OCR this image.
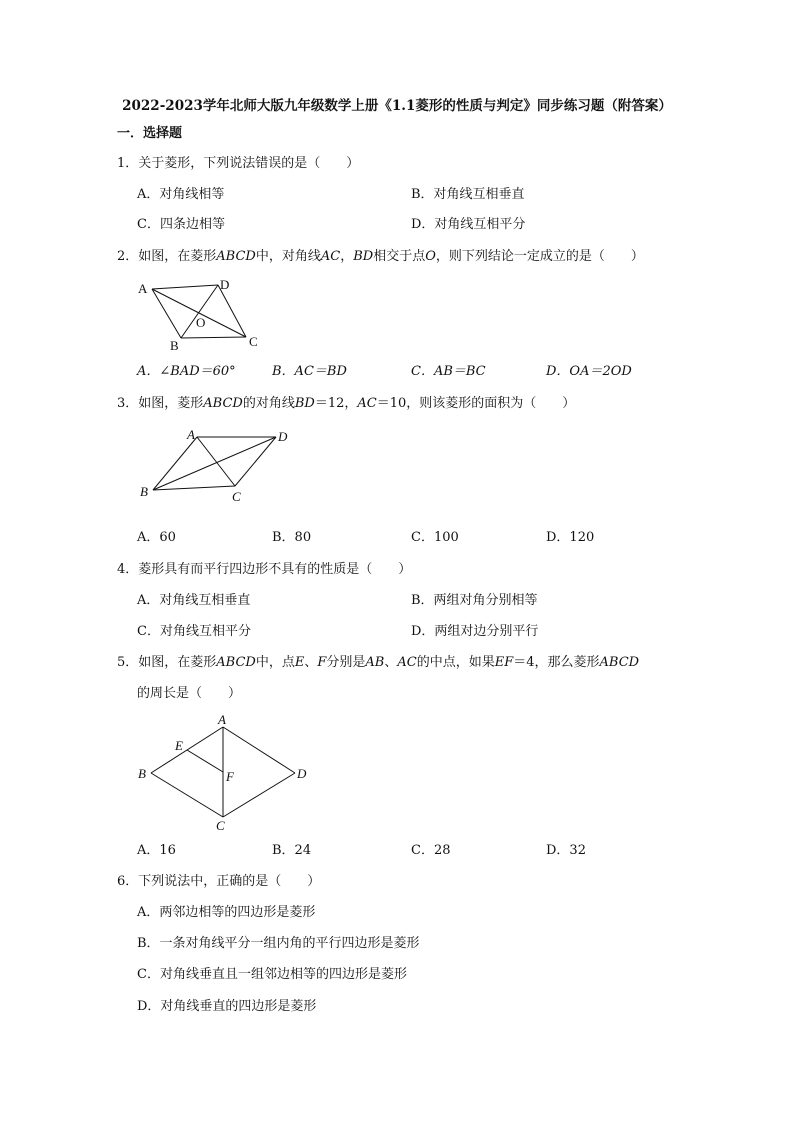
2022-2023学年北师大版九年级数学上册《1.1菱形的性质与判定》同步练习题（附答案）
一．选择题
1．关于菱形，下列说法错误的是（　　）
A．对角线相等	B．对角线互相垂直
C．四条边相等	D．对角线互相平分
2．如图，在菱形ABCD中，对角线AC，BD相交于点O，则下列结论一定成立的是（　　）
A	D
C
B
O
A．∠BAD＝60°	B．AC＝BD	C．AB＝BC	D．OA＝2OD
3．如图，菱形ABCD的对角线BD＝12，AC＝10，则该菱形的面积为（　　）
A	D
C
B
A．60	B．80	C．100	D．120
4．菱形具有而平行四边形不具有的性质是（　　）
A．对角线互相垂直	B．两组对角分别相等
C．对角线互相平分	D．两组对边分别平行
5．如图，在菱形ABCD中，点E、F分别是AB、AC的中点，如果EF＝4，那么菱形ABCD
的周长是（　　）
A
D
C
B
E
F
A．16	B．24	C．28	D．32
6．下列说法中，正确的是（　　）
A．两邻边相等的四边形是菱形
B．一条对角线平分一组内角的平行四边形是菱形
C．对角线垂直且一组邻边相等的四边形是菱形
D．对角线垂直的四边形是菱形
